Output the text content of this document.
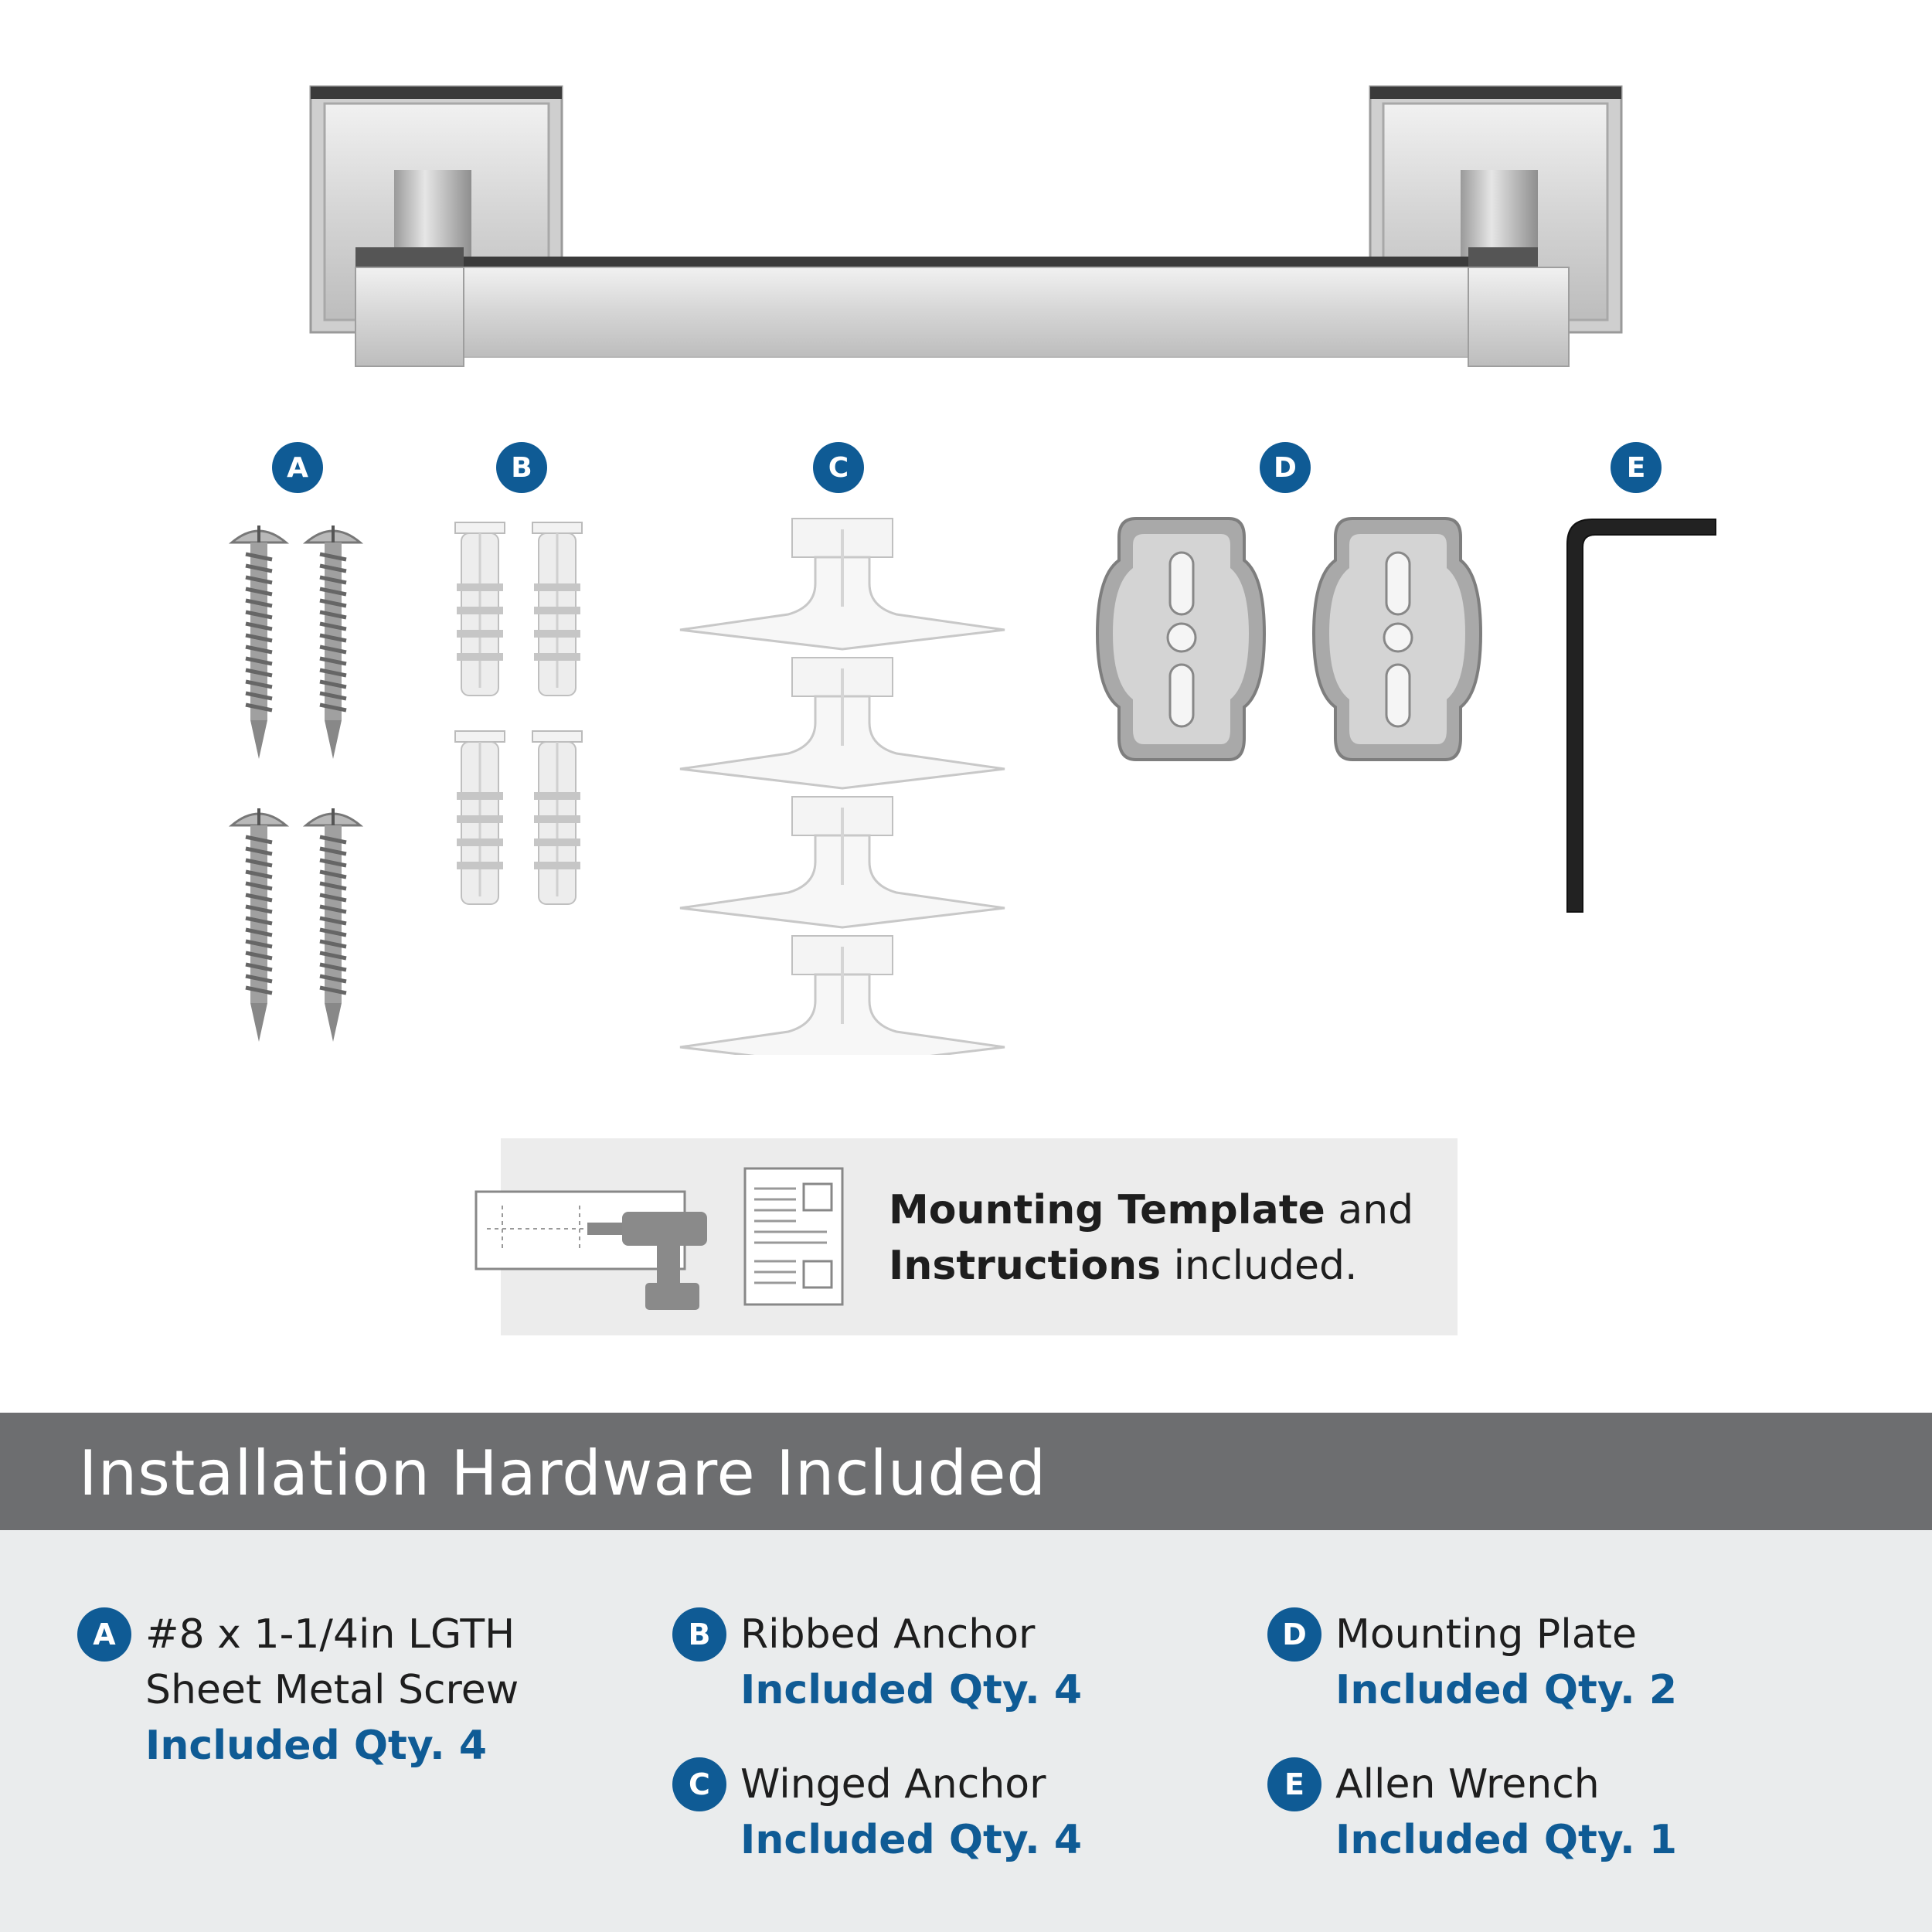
A	B	C	D	E
Mounting Template and
Instructions included.
Installation Hardware Included
A #8 x 1-1/4in LGTH
Sheet Metal Screw
Included Qty. 4
B Ribbed Anchor
Included Qty. 4
C Winged Anchor
Included Qty. 4
D Mounting Plate
Included Qty. 2
E Allen Wrench
Included Qty. 1
